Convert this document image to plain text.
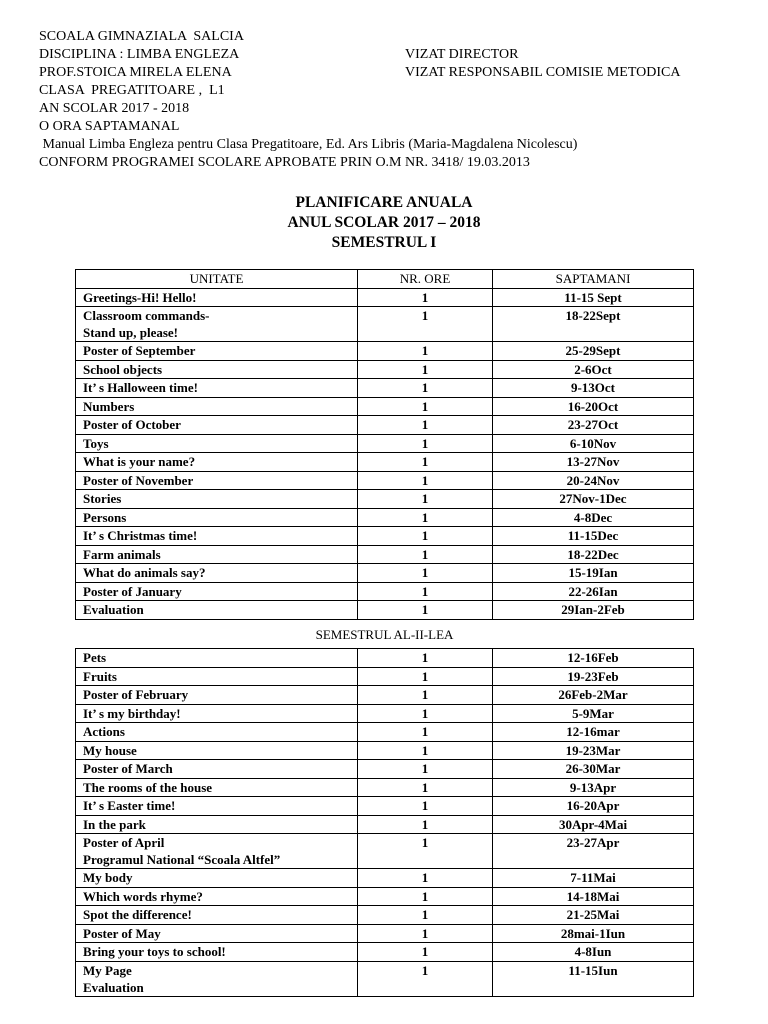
SCOALA GIMNAZIALA  SALCIA
DISCIPLINA : LIMBA ENGLEZA
PROF.STOICA MIRELA ELENA
CLASA  PREGATITOARE ,  L1
AN SCOLAR 2017 - 2018
O ORA SAPTAMANAL
Manual Limba Engleza pentru Clasa Pregatitoare, Ed. Ars Libris (Maria-Magdalena Nicolescu)
CONFORM PROGRAMEI SCOLARE APROBATE PRIN O.M NR. 3418/ 19.03.2013
VIZAT DIRECTOR
VIZAT RESPONSABIL COMISIE METODICA
PLANIFICARE ANUALA
ANUL SCOLAR 2017 – 2018
SEMESTRUL I
UNITATE	NR. ORE	SAPTAMANI

Greetings-Hi! Hello!	1	11-15 Sept

Classroom commands-
Stand up, please!	1	18-22Sept

Poster of September	1	25-29Sept

School objects	1	2-6Oct

It’ s Halloween time!	1	9-13Oct

Numbers	1	16-20Oct

Poster of October	1	23-27Oct

Toys	1	6-10Nov

What is your name?	1	13-27Nov

Poster of November	1	20-24Nov

Stories	1	27Nov-1Dec

Persons	1	4-8Dec

It’ s Christmas time!	1	11-15Dec

Farm animals	1	18-22Dec

What do animals say?	1	15-19Ian

Poster of January	1	22-26Ian

Evaluation	1	29Ian-2Feb
SEMESTRUL AL-II-LEA
Pets	1	12-16Feb

Fruits	1	19-23Feb

Poster of February	1	26Feb-2Mar

It’ s my birthday!	1	5-9Mar

Actions	1	12-16mar

My house	1	19-23Mar

Poster of March	1	26-30Mar

The rooms of the house	1	9-13Apr

It’ s Easter time!	1	16-20Apr

In the park	1	30Apr-4Mai

Poster of April
Programul National “Scoala Altfel”	1	23-27Apr

My body	1	7-11Mai

Which words rhyme?	1	14-18Mai

Spot the difference!	1	21-25Mai

Poster of May	1	28mai-1Iun

Bring your toys to school!	1	4-8Iun

My Page
Evaluation	1	11-15Iun
